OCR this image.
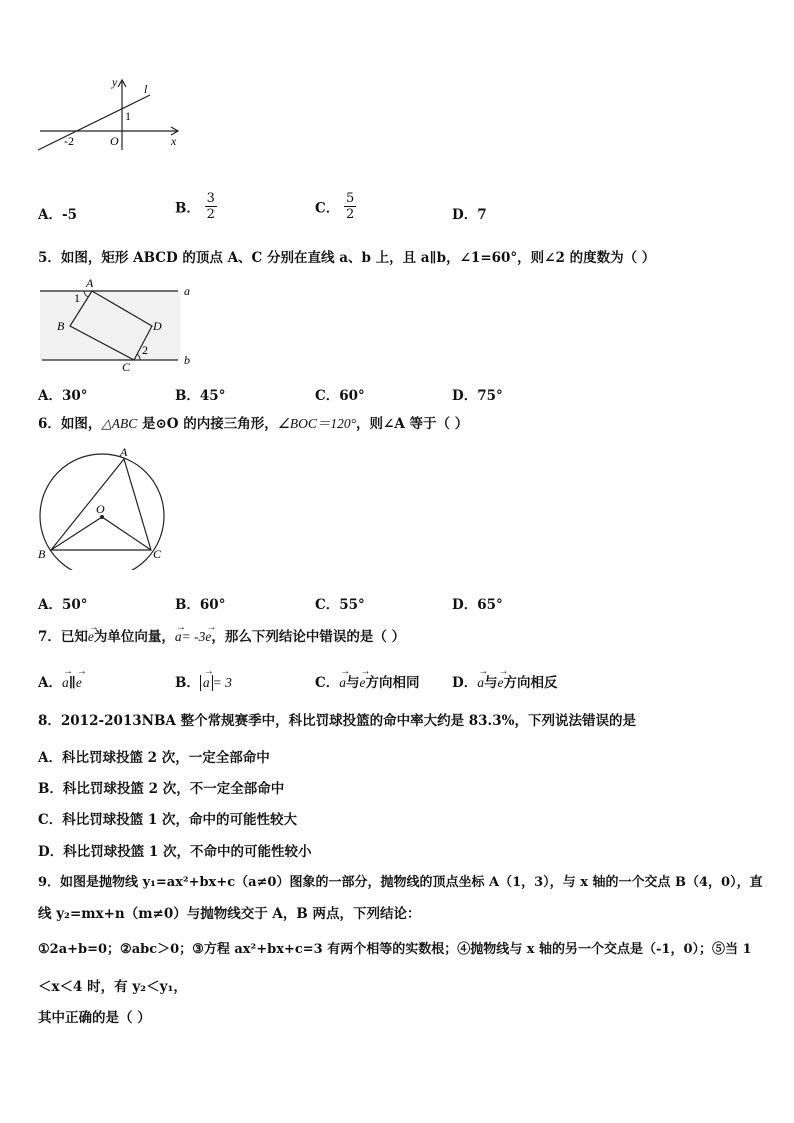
y l
1
-2	O	x
A．-5	B． $\frac{3}{2}$	C． $\frac{5}{2}$	D．7
5．如图，矩形 ABCD 的顶点 A、C 分别在直线 a、b 上，且 a∥b，∠1=60°，则∠2 的度数为（ ）
A
1
B	D
2
C
a
b
A．30°	B．45°	C．60°	D．75°
6．如图，△ABC 是⊙O 的内接三角形，∠BOC＝120°，则∠A 等于（ ）
A
O
B	C
A．50°	B．60°	C．55°	D．65°
7．已知→ e为单位向量，→ a= -3→ e，那么下列结论中错误的是（ ）
A．→ a∥→ e	B．→ a = 3	C．→ a与→ e方向相同 D．→ a与→ e方向相反
8．2012-2013NBA 整个常规赛季中，科比罚球投篮的命中率大约是 83.3%，下列说法错误的是
A．科比罚球投篮 2 次，一定全部命中
B．科比罚球投篮 2 次，不一定全部命中
C．科比罚球投篮 1 次，命中的可能性较大
D．科比罚球投篮 1 次，不命中的可能性较小
9．如图是抛物线 y₁=ax²+bx+c（a≠0）图象的一部分，抛物线的顶点坐标 A（1，3），与 x 轴的一个交点 B（4，0），直
线 y₂=mx+n（m≠0）与抛物线交于 A，B 两点，下列结论：
①2a+b=0；②abc＞0；③方程 ax²+bx+c=3 有两个相等的实数根；④抛物线与 x 轴的另一个交点是（-1，0）；⑤当 1
＜x＜4 时，有 y₂＜y₁，
其中正确的是（ ）
